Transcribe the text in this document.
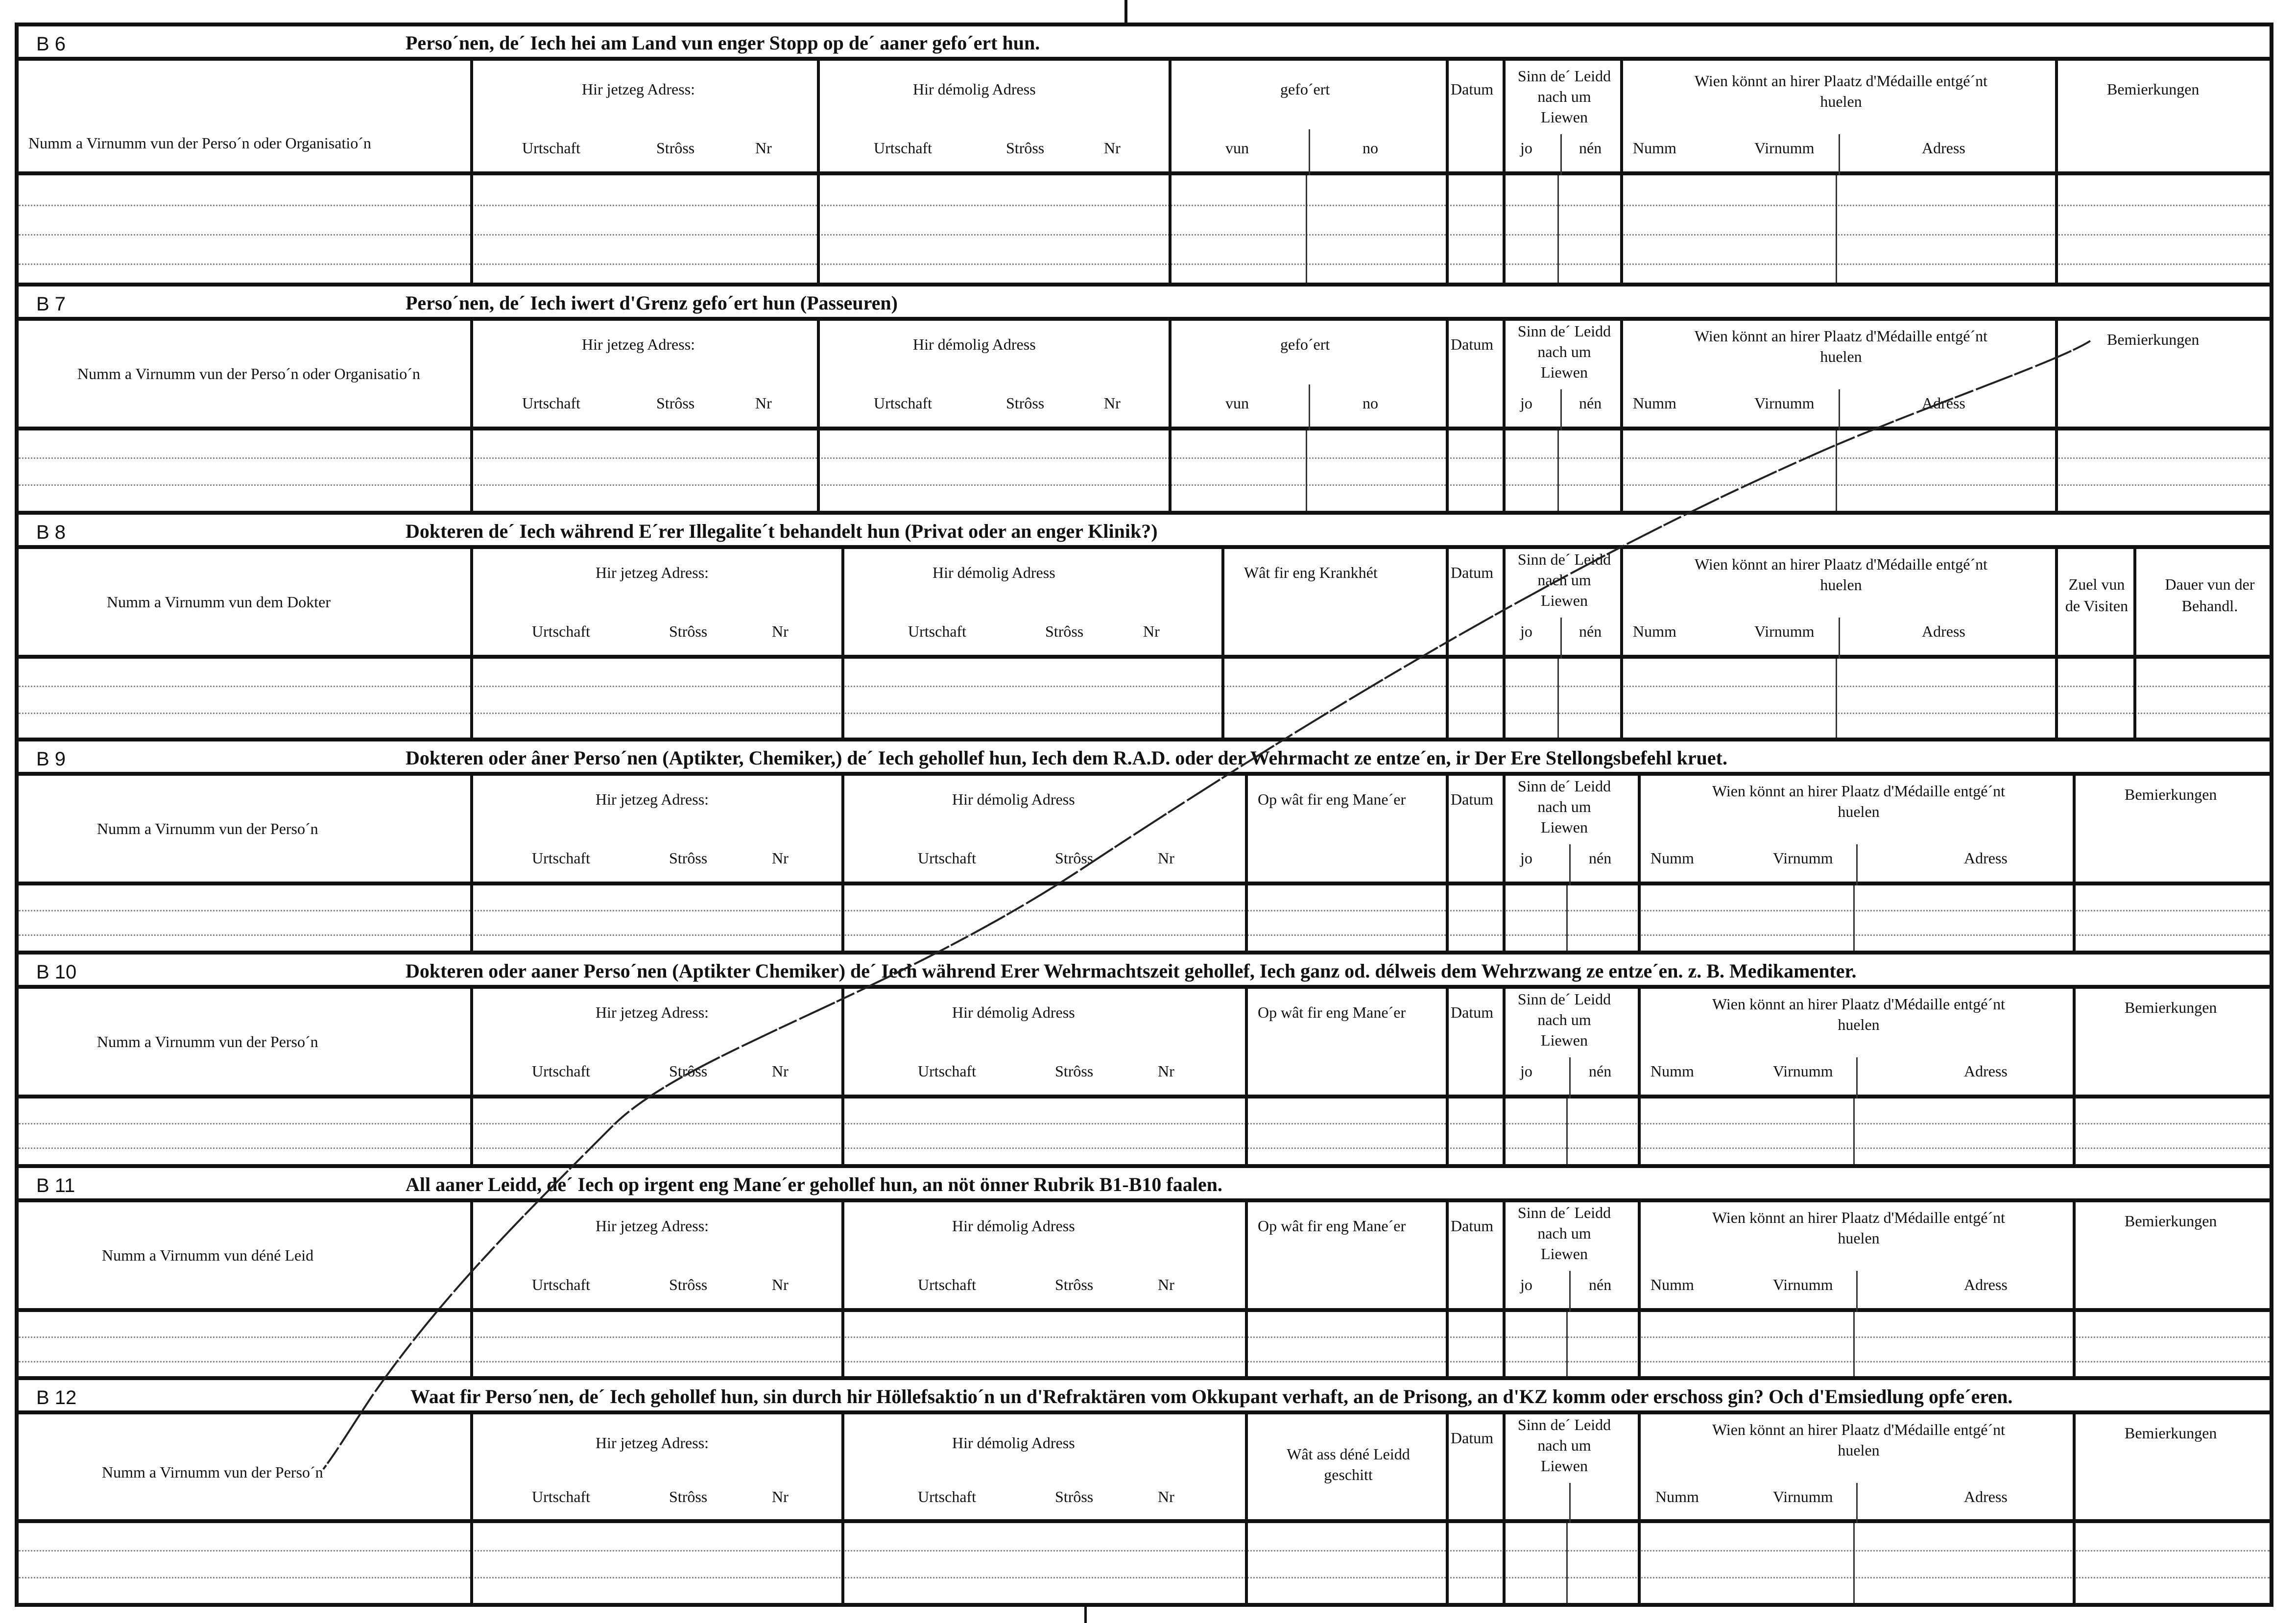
B 6	Perso´nen, de´ Iech hei am Land vun enger Stopp op de´ aaner gefo´ert hun.
Numm a Virnumm vun der Perso´n oder Organisatio´n
Hir jetzeg Adress:
Urtschaft	Strôss	Nr
Hir démolig Adress
Urtschaft	Strôss	Nr
gefo´ert
vun	no
Datum
Sinn de´ Leidd nach um Liewen
jo	nén
Wien könnt an hirer Plaatz d'Médaille entgé´nt huelen
Numm	Virnumm	Adress
Bemierkungen
B 7	Perso´nen, de´ Iech iwert d'Grenz gefo´ert hun (Passeuren)
Numm a Virnumm vun der Perso´n oder Organisatio´n
Hir jetzeg Adress:
Urtschaft	Strôss	Nr
Hir démolig Adress
Urtschaft	Strôss	Nr
gefo´ert
vun	no
Datum
Sinn de´ Leidd nach um Liewen
jo	nén
Wien könnt an hirer Plaatz d'Médaille entgé´nt huelen
Numm	Virnumm	Adress
Bemierkungen
B 8	Dokteren de´ Iech während E´rer Illegalite´t behandelt hun (Privat oder an enger Klinik?)
Numm a Virnumm vun dem Dokter
Hir jetzeg Adress:
Urtschaft	Strôss	Nr
Hir démolig Adress
Urtschaft	Strôss	Nr
Wât fir eng Krankhét	Datum
Sinn de´ Leidd nach um Liewen
jo	nén
Wien könnt an hirer Plaatz d'Médaille entgé´nt huelen
Numm	Virnumm	Adress
Zuel vun de Visiten
Dauer vun der Behandl.
B 9	Dokteren oder âner Perso´nen (Aptikter, Chemiker,) de´ Iech gehollef hun, Iech dem R.A.D. oder der Wehrmacht ze entze´en, ir Der Ere Stellongsbefehl kruet.
Numm a Virnumm vun der Perso´n
Hir jetzeg Adress:
Urtschaft	Strôss	Nr
Hir démolig Adress
Urtschaft	Strôss	Nr
Op wât fir eng Mane´er	Datum
Sinn de´ Leidd nach um Liewen
jo	nén
Wien könnt an hirer Plaatz d'Médaille entgé´nt huelen
Numm	Virnumm	Adress
Bemierkungen
B 10	Dokteren oder aaner Perso´nen (Aptikter Chemiker) de´ Iech während Erer Wehrmachtszeit gehollef, Iech ganz od. délweis dem Wehrzwang ze entze´en. z. B. Medikamenter.
Numm a Virnumm vun der Perso´n
Hir jetzeg Adress:
Urtschaft	Strôss	Nr
Hir démolig Adress
Urtschaft	Strôss	Nr
Op wât fir eng Mane´er	Datum
Sinn de´ Leidd nach um Liewen
jo	nén
Wien könnt an hirer Plaatz d'Médaille entgé´nt huelen
Numm	Virnumm	Adress
Bemierkungen
B 11	All aaner Leidd, de´ Iech op irgent eng Mane´er gehollef hun, an nöt önner Rubrik B1-B10 faalen.
Numm a Virnumm vun déné Leid
Hir jetzeg Adress:
Urtschaft	Strôss	Nr
Hir démolig Adress
Urtschaft	Strôss	Nr
Op wât fir eng Mane´er	Datum
Sinn de´ Leidd nach um Liewen
jo	nén
Wien könnt an hirer Plaatz d'Médaille entgé´nt huelen
Numm	Virnumm	Adress
Bemierkungen
B 12	Waat fir Perso´nen, de´ Iech gehollef hun, sin durch hir Höllefsaktio´n un d'Refraktären vom Okkupant verhaft, an de Prisong, an d'KZ komm oder erschoss gin? Och d'Emsiedlung opfe´eren.
Numm a Virnumm vun der Perso´n
Hir jetzeg Adress:
Urtschaft	Strôss	Nr
Hir démolig Adress
Urtschaft	Strôss	Nr
Wât ass déné Leidd geschitt
Datum
Sinn de´ Leidd nach um Liewen
Wien könnt an hirer Plaatz d'Médaille entgé´nt huelen
Numm	Virnumm	Adress
Bemierkungen
